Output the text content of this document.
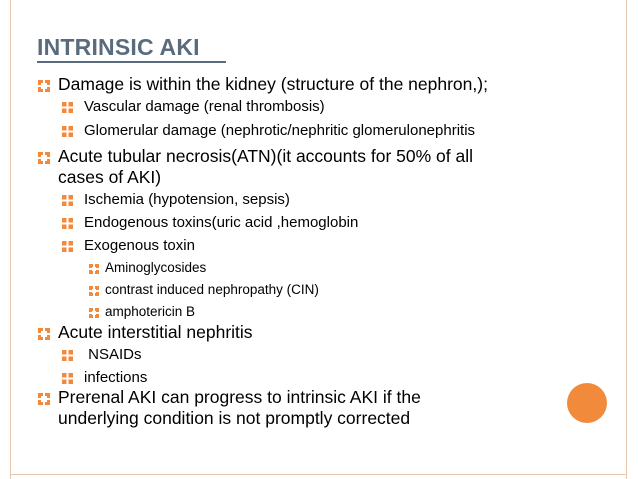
INTRINSIC AKI
Damage is within the kidney (structure of the nephron,);
Vascular damage (renal thrombosis)
Glomerular damage (nephrotic/nephritic glomerulonephritis
Acute tubular necrosis(ATN)(it accounts for 50% of all
cases of AKI)
Ischemia (hypotension, sepsis)
Endogenous toxins(uric acid ,hemoglobin
Exogenous toxin
Aminoglycosides
contrast induced nephropathy (CIN)
amphotericin B
Acute interstitial nephritis
NSAIDs
infections
Prerenal AKI can progress to intrinsic AKI if the
underlying condition is not promptly corrected
